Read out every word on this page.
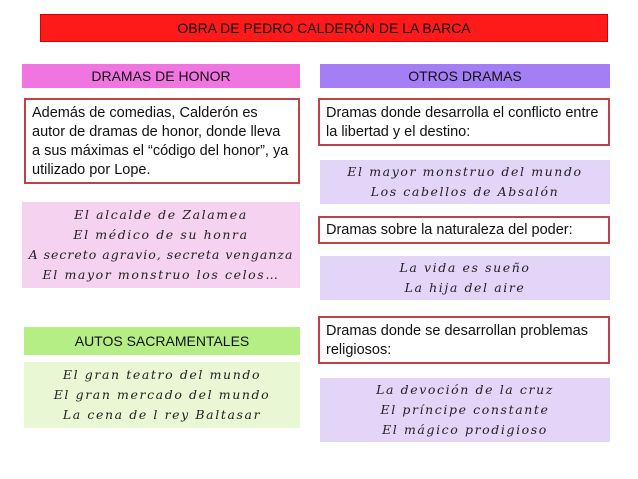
OBRA DE PEDRO CALDERÓN DE LA BARCA
DRAMAS DE HONOR
Además de comedias, Calderón es autor de dramas de honor, donde lleva a sus máximas el “código del honor”, ya utilizado por Lope.
El alcalde de Zalamea
El médico de su honra
A secreto agravio, secreta venganza
El mayor monstruo los celos…
AUTOS SACRAMENTALES
El gran teatro del mundo
El gran mercado del mundo
La cena de l rey Baltasar
OTROS DRAMAS
Dramas donde desarrolla el conflicto entre la libertad y el destino:
El mayor monstruo del mundo
Los cabellos de Absalón
Dramas sobre la naturaleza del poder:
La vida es sueño
La hija del aire
Dramas donde se desarrollan problemas religiosos:
La devoción de la cruz
El príncipe constante
El mágico prodigioso
